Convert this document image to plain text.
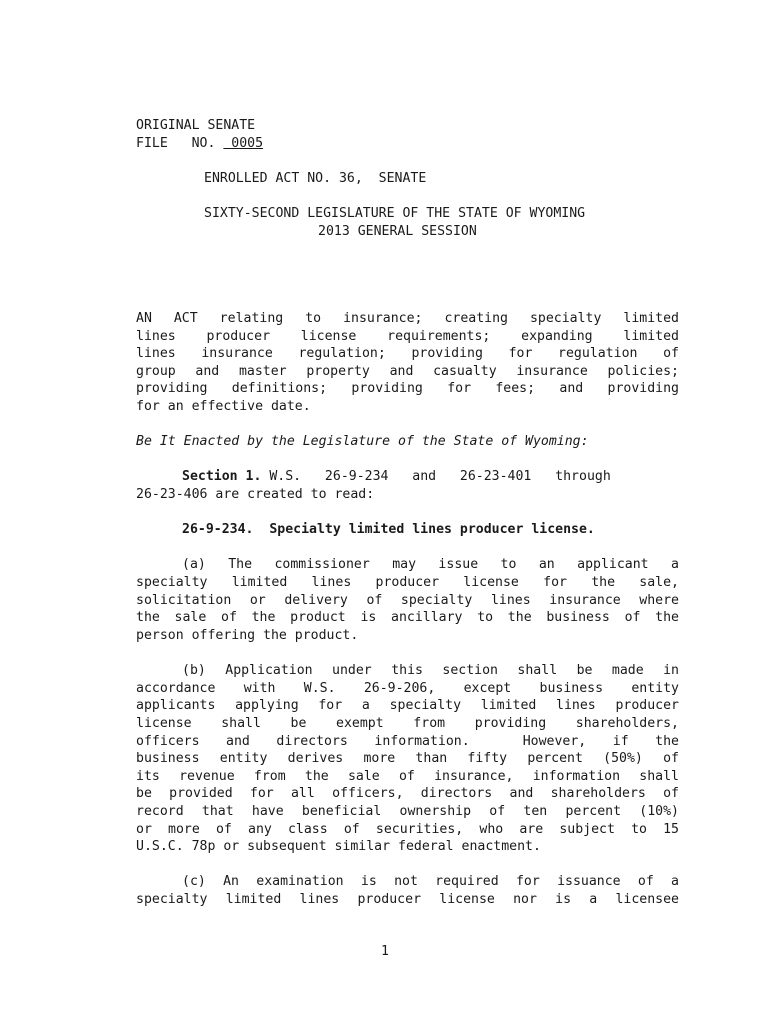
ORIGINAL SENATE
FILE   NO.  0005
ENROLLED ACT NO. 36,  SENATE
SIXTY-SECOND LEGISLATURE OF THE STATE OF WYOMING
2013 GENERAL SESSION
AN ACT relating to insurance; creating specialty limited
lines producer license requirements; expanding limited
lines insurance regulation; providing for regulation of
group and master property and casualty insurance policies;
providing definitions; providing for fees; and providing
for an effective date.
Be It Enacted by the Legislature of the State of Wyoming:
Section 1. W.S.   26-9-234   and   26-23-401   through
26-23-406 are created to read:
26-9-234.  Specialty limited lines producer license.
(a) The commissioner may issue to an applicant a
specialty limited lines producer license for the sale,
solicitation or delivery of specialty lines insurance where
the sale of the product is ancillary to the business of the
person offering the product.
(b) Application under this section shall be made in
accordance with W.S. 26-9-206, except business entity
applicants applying for a specialty limited lines producer
license shall be exempt from providing shareholders,
officers and directors information.  However, if the
business entity derives more than fifty percent (50%) of
its revenue from the sale of insurance, information shall
be provided for all officers, directors and shareholders of
record that have beneficial ownership of ten percent (10%)
or more of any class of securities, who are subject to 15
U.S.C. 78p or subsequent similar federal enactment.
(c) An examination is not required for issuance of a
specialty limited lines producer license nor is a licensee
1
